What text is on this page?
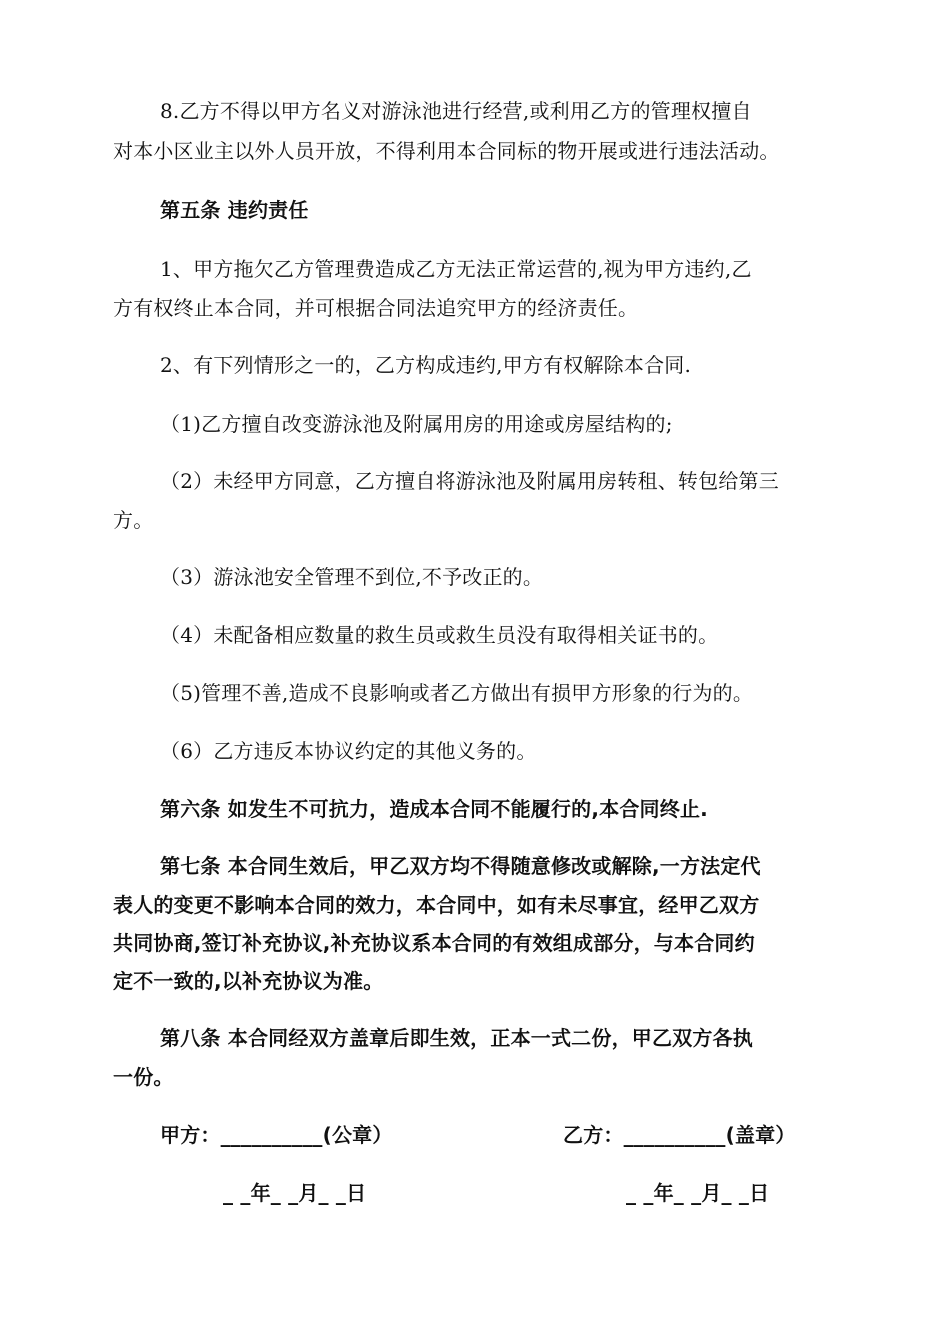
8.乙方不得以甲方名义对游泳池进行经营,或利用乙方的管理权擅自
对本小区业主以外人员开放，不得利用本合同标的物开展或进行违法活动。
第五条 违约责任
1、甲方拖欠乙方管理费造成乙方无法正常运营的,视为甲方违约,乙
方有权终止本合同，并可根据合同法追究甲方的经济责任。
2、有下列情形之一的，乙方构成违约,甲方有权解除本合同.
（1)乙方擅自改变游泳池及附属用房的用途或房屋结构的;
（2）未经甲方同意，乙方擅自将游泳池及附属用房转租、转包给第三
方。
（3）游泳池安全管理不到位,不予改正的。
（4）未配备相应数量的救生员或救生员没有取得相关证书的。
（5)管理不善,造成不良影响或者乙方做出有损甲方形象的行为的。
（6）乙方违反本协议约定的其他义务的。
第六条 如发生不可抗力，造成本合同不能履行的,本合同终止.
第七条 本合同生效后，甲乙双方均不得随意修改或解除,一方法定代
表人的变更不影响本合同的效力，本合同中，如有未尽事宜，经甲乙双方
共同协商,签订补充协议,补充协议系本合同的有效组成部分，与本合同约
定不一致的,以补充协议为准。
第八条 本合同经双方盖章后即生效，正本一式二份，甲乙双方各执
一份。
甲方：__________(公章）	乙方：__________(盖章）
_ _年_ _月_ _日	_ _年_ _月_ _日
